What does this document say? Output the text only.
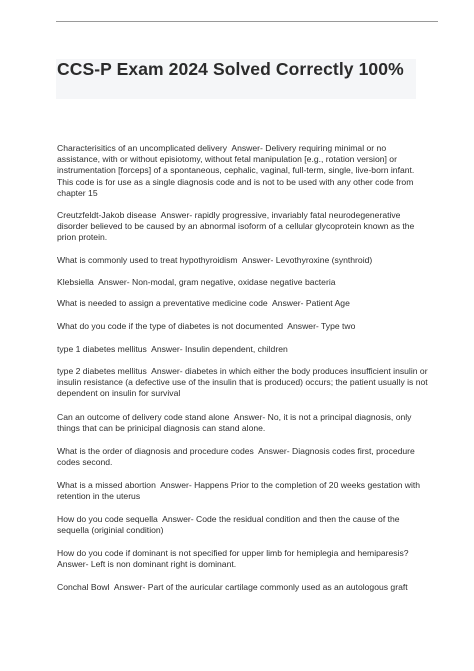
CCS-P Exam 2024 Solved Correctly 100%

Characterisitics of an uncomplicated delivery Answer- Delivery requiring minimal or no assistance, with or without episiotomy, without fetal manipulation [e.g., rotation version] or instrumentation [forceps] of a spontaneous, cephalic, vaginal, full-term, single, live-born infant. This code is for use as a single diagnosis code and is not to be used with any other code from chapter 15

Creutzfeldt-Jakob disease Answer- rapidly progressive, invariably fatal neurodegenerative disorder believed to be caused by an abnormal isoform of a cellular glycoprotein known as the prion protein.

What is commonly used to treat hypothyroidism Answer- Levothyroxine (synthroid)

Klebsiella Answer- Non-modal, gram negative, oxidase negative bacteria

What is needed to assign a preventative medicine code Answer- Patient Age

What do you code if the type of diabetes is not documented Answer- Type two

type 1 diabetes mellitus Answer- Insulin dependent, children

type 2 diabetes mellitus Answer- diabetes in which either the body produces insufficient insulin or insulin resistance (a defective use of the insulin that is produced) occurs; the patient usually is not dependent on insulin for survival

Can an outcome of delivery code stand alone Answer- No, it is not a principal diagnosis, only things that can be prinicipal diagnosis can stand alone.

What is the order of diagnosis and procedure codes Answer- Diagnosis codes first, procedure codes second.

What is a missed abortion Answer- Happens Prior to the completion of 20 weeks gestation with retention in the uterus

How do you code sequella Answer- Code the residual condition and then the cause of the sequella (originial condition)

How do you code if dominant is not specified for upper limb for hemiplegia and hemiparesis?  Answer- Left is non dominant right is dominant.

Conchal Bowl Answer- Part of the auricular cartilage commonly used as an autologous graft
